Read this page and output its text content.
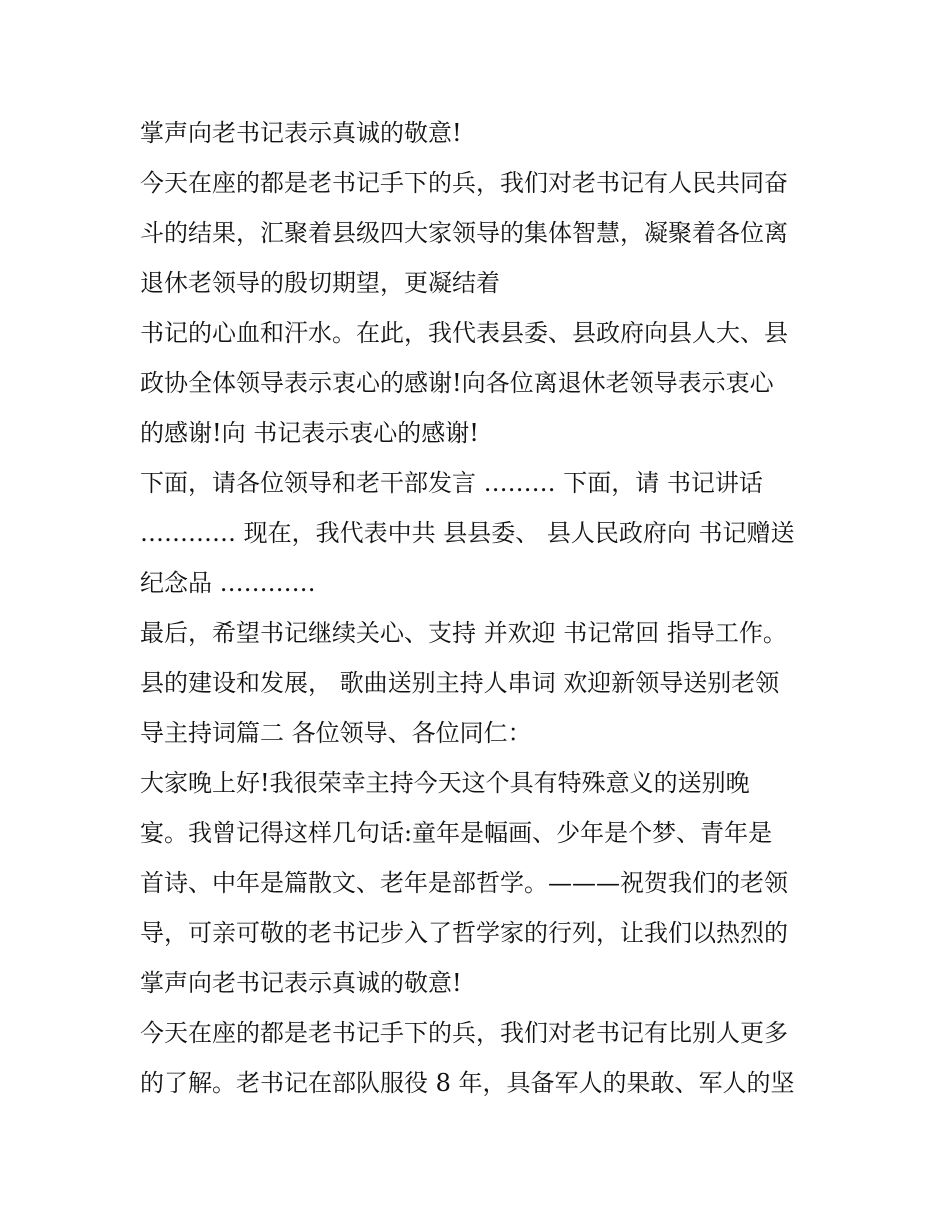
掌声向老书记表示真诚的敬意!
今天在座的都是老书记手下的兵，我们对老书记有人民共同奋
斗的结果，汇聚着县级四大家领导的集体智慧，凝聚着各位离
退休老领导的殷切期望，更凝结着
书记的心血和汗水。在此，我代表县委、县政府向县人大、县
政协全体领导表示衷心的感谢!向各位离退休老领导表示衷心
的感谢!向 书记表示衷心的感谢!
下面，请各位领导和老干部发言 ……… 下面，请 书记讲话
………… 现在，我代表中共 县县委、 县人民政府向 书记赠送
纪念品 …………
最后，希望书记继续关心、支持 并欢迎 书记常回 指导工作。
县的建设和发展， 歌曲送别主持人串词 欢迎新领导送别老领
导主持词篇二 各位领导、各位同仁：
大家晚上好!我很荣幸主持今天这个具有特殊意义的送别晚
宴。我曾记得这样几句话:童年是幅画、少年是个梦、青年是
首诗、中年是篇散文、老年是部哲学。———祝贺我们的老领
导，可亲可敬的老书记步入了哲学家的行列，让我们以热烈的
掌声向老书记表示真诚的敬意!
今天在座的都是老书记手下的兵，我们对老书记有比别人更多
的了解。老书记在部队服役 8 年，具备军人的果敢、军人的坚
